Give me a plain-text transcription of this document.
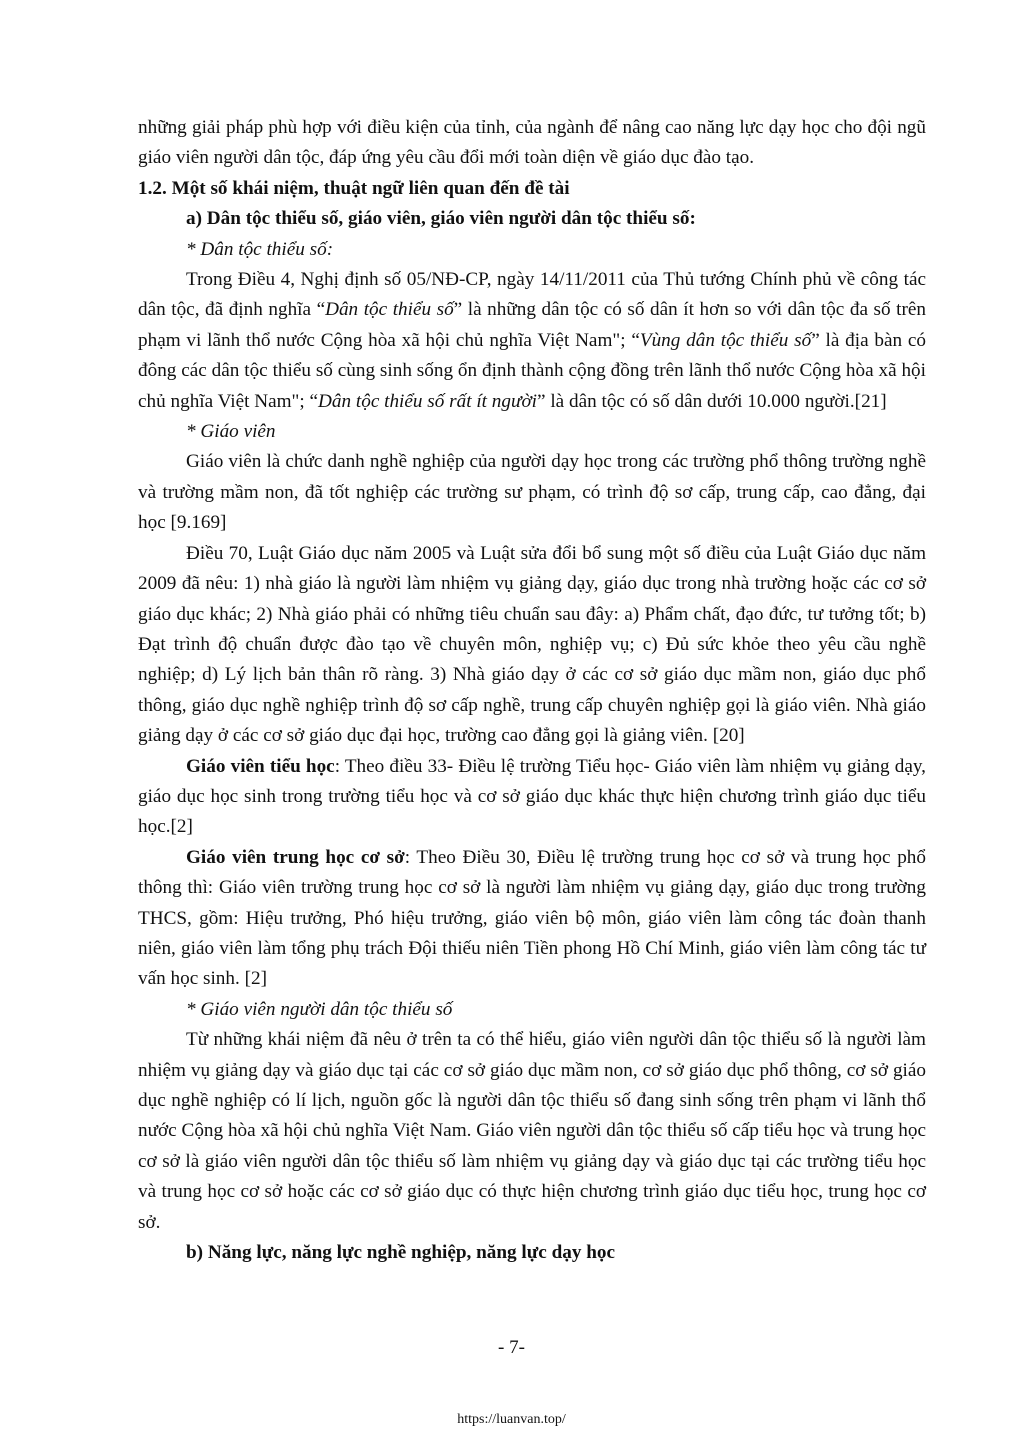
những giải pháp phù hợp với điều kiện của tỉnh, của ngành để nâng cao năng lực dạy học cho đội ngũ giáo viên người dân tộc, đáp ứng yêu cầu đổi mới toàn diện về giáo dục đào tạo.

1.2. Một số khái niệm, thuật ngữ liên quan đến đề tài

a) Dân tộc thiểu số, giáo viên, giáo viên người dân tộc thiểu số:

* Dân tộc thiểu số:

Trong Điều 4, Nghị định số 05/NĐ-CP, ngày 14/11/2011 của Thủ tướng Chính phủ về công tác dân tộc, đã định nghĩa “Dân tộc thiểu số” là những dân tộc có số dân ít hơn so với dân tộc đa số trên phạm vi lãnh thổ nước Cộng hòa xã hội chủ nghĩa Việt Nam"; “Vùng dân tộc thiểu số” là địa bàn có đông các dân tộc thiểu số cùng sinh sống ổn định thành cộng đồng trên lãnh thổ nước Cộng hòa xã hội chủ nghĩa Việt Nam"; “Dân tộc thiểu số rất ít người” là dân tộc có số dân dưới 10.000 người.[21]

* Giáo viên

Giáo viên là chức danh nghề nghiệp của người dạy học trong các trường phổ thông trường nghề và trường mầm non, đã tốt nghiệp các trường sư phạm, có trình độ sơ cấp, trung cấp, cao đẳng, đại học [9.169]

Điều 70, Luật Giáo dục năm 2005 và Luật sửa đổi bổ sung một số điều của Luật Giáo dục năm 2009 đã nêu: 1) nhà giáo là người làm nhiệm vụ giảng dạy, giáo dục trong nhà trường hoặc các cơ sở giáo dục khác; 2) Nhà giáo phải có những tiêu chuẩn sau đây: a) Phẩm chất, đạo đức, tư tưởng tốt; b) Đạt trình độ chuẩn được đào tạo về chuyên môn, nghiệp vụ; c) Đủ sức khỏe theo yêu cầu nghề nghiệp; d) Lý lịch bản thân rõ ràng. 3) Nhà giáo dạy ở các cơ sở giáo dục mầm non, giáo dục phổ thông, giáo dục nghề nghiệp trình độ sơ cấp nghề, trung cấp chuyên nghiệp gọi là giáo viên. Nhà giáo giảng dạy ở các cơ sở giáo dục đại học, trường cao đẳng gọi là giảng viên. [20]

Giáo viên tiểu học: Theo điều 33- Điều lệ trường Tiểu học- Giáo viên làm nhiệm vụ giảng dạy, giáo dục học sinh trong trường tiểu học và cơ sở giáo dục khác thực hiện chương trình giáo dục tiểu học.[2]

Giáo viên trung học cơ sở: Theo Điều 30, Điều lệ trường trung học cơ sở và trung học phổ thông thì: Giáo viên trường trung học cơ sở là người làm nhiệm vụ giảng dạy, giáo dục trong trường THCS, gồm: Hiệu trưởng, Phó hiệu trưởng, giáo viên bộ môn, giáo viên làm công tác đoàn thanh niên, giáo viên làm tổng phụ trách Đội thiếu niên Tiền phong Hồ Chí Minh, giáo viên làm công tác tư vấn học sinh. [2]

* Giáo viên người dân tộc thiểu số

Từ những khái niệm đã nêu ở trên ta có thể hiểu, giáo viên người dân tộc thiểu số là người làm nhiệm vụ giảng dạy và giáo dục tại các cơ sở giáo dục mầm non, cơ sở giáo dục phổ thông, cơ sở giáo dục nghề nghiệp có lí lịch, nguồn gốc là người dân tộc thiểu số đang sinh sống trên phạm vi lãnh thổ nước Cộng hòa xã hội chủ nghĩa Việt Nam. Giáo viên người dân tộc thiểu số cấp tiểu học và trung học cơ sở là giáo viên người dân tộc thiểu số làm nhiệm vụ giảng dạy và giáo dục tại các trường tiểu học và trung học cơ sở hoặc các cơ sở giáo dục có thực hiện chương trình giáo dục tiểu học, trung học cơ sở.

b) Năng lực, năng lực nghề nghiệp, năng lực dạy học

- 7-
https://luanvan.top/
